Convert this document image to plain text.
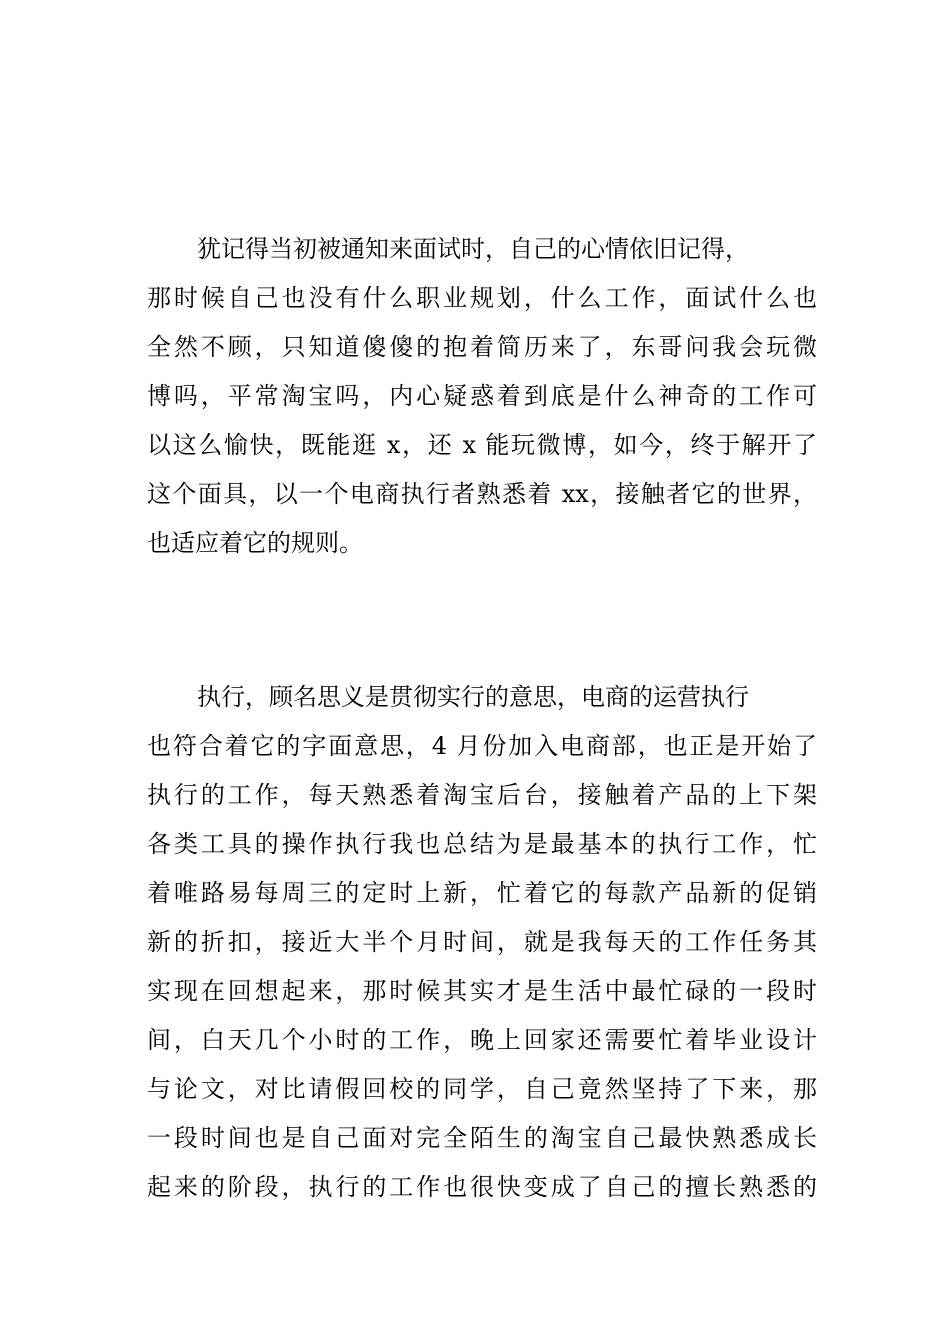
犹记得当初被通知来面试时，自己的心情依旧记得，
那时候自己也没有什么职业规划，什么工作，面试什么也
全然不顾，只知道傻傻的抱着简历来了，东哥问我会玩微
博吗，平常淘宝吗，内心疑惑着到底是什么神奇的工作可
以这么愉快，既能逛 x，还 x 能玩微博，如今，终于解开了
这个面具，以一个电商执行者熟悉着 xx，接触者它的世界，
也适应着它的规则。

执行，顾名思义是贯彻实行的意思，电商的运营执行
也符合着它的字面意思，4 月份加入电商部，也正是开始了
执行的工作，每天熟悉着淘宝后台，接触着产品的上下架
各类工具的操作执行我也总结为是最基本的执行工作，忙
着唯路易每周三的定时上新，忙着它的每款产品新的促销
新的折扣，接近大半个月时间，就是我每天的工作任务其
实现在回想起来，那时候其实才是生活中最忙碌的一段时
间，白天几个小时的工作，晚上回家还需要忙着毕业设计
与论文，对比请假回校的同学，自己竟然坚持了下来，那
一段时间也是自己面对完全陌生的淘宝自己最快熟悉成长
起来的阶段，执行的工作也很快变成了自己的擅长熟悉的
